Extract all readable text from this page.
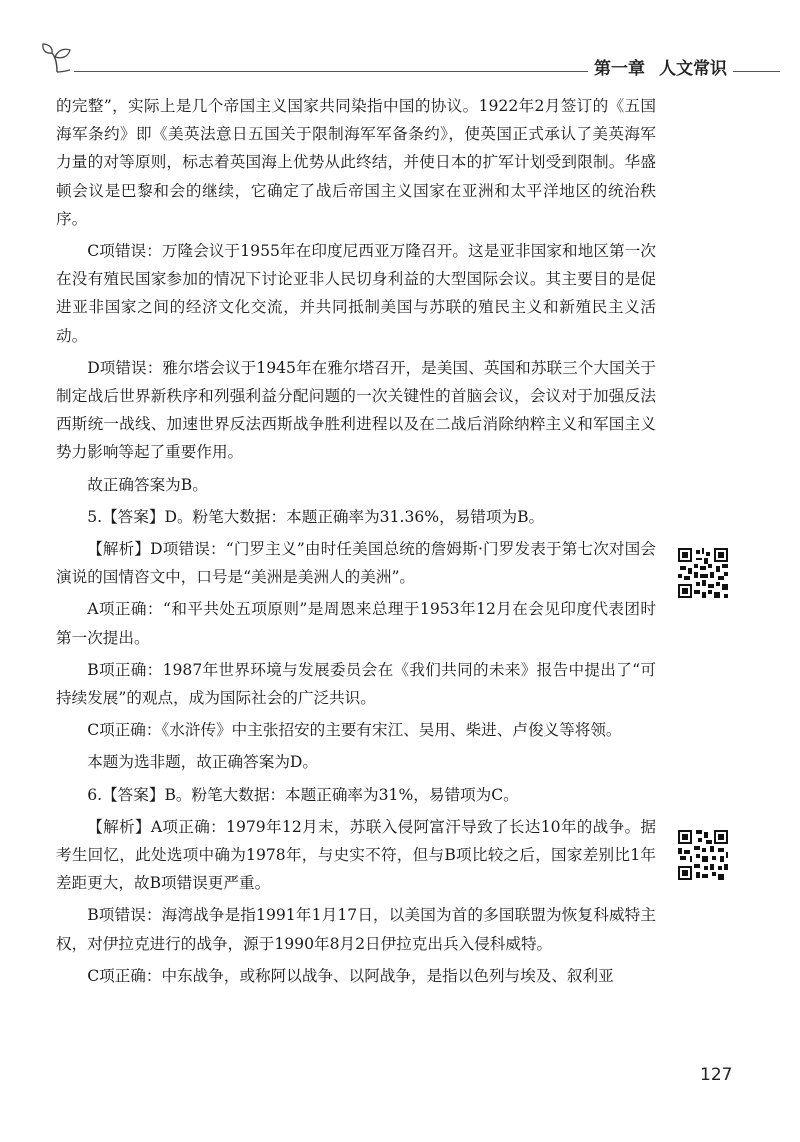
第一章 人文常识

的完整”，实际上是几个帝国主义国家共同染指中国的协议。1922年2月签订的《五国海军条约》即《美英法意日五国关于限制海军军备条约》，使英国正式承认了美英海军力量的对等原则，标志着英国海上优势从此终结，并使日本的扩军计划受到限制。华盛顿会议是巴黎和会的继续，它确定了战后帝国主义国家在亚洲和太平洋地区的统治秩序。

C项错误：万隆会议于1955年在印度尼西亚万隆召开。这是亚非国家和地区第一次在没有殖民国家参加的情况下讨论亚非人民切身利益的大型国际会议。其主要目的是促进亚非国家之间的经济文化交流，并共同抵制美国与苏联的殖民主义和新殖民主义活动。

D项错误：雅尔塔会议于1945年在雅尔塔召开，是美国、英国和苏联三个大国关于制定战后世界新秩序和列强利益分配问题的一次关键性的首脑会议，会议对于加强反法西斯统一战线、加速世界反法西斯战争胜利进程以及在二战后消除纳粹主义和军国主义势力影响等起了重要作用。

故正确答案为B。

5.【答案】D。粉笔大数据：本题正确率为31.36%，易错项为B。

【解析】D项错误：“门罗主义”由时任美国总统的詹姆斯·门罗发表于第七次对国会演说的国情咨文中，口号是“美洲是美洲人的美洲”。

A项正确：“和平共处五项原则”是周恩来总理于1953年12月在会见印度代表团时第一次提出。

B项正确：1987年世界环境与发展委员会在《我们共同的未来》报告中提出了“可持续发展”的观点，成为国际社会的广泛共识。

C项正确：《水浒传》中主张招安的主要有宋江、吴用、柴进、卢俊义等将领。

本题为选非题，故正确答案为D。

6.【答案】B。粉笔大数据：本题正确率为31%，易错项为C。

【解析】A项正确：1979年12月末，苏联入侵阿富汗导致了长达10年的战争。据考生回忆，此处选项中确为1978年，与史实不符，但与B项比较之后，国家差别比1年差距更大，故B项错误更严重。

B项错误：海湾战争是指1991年1月17日，以美国为首的多国联盟为恢复科威特主权，对伊拉克进行的战争，源于1990年8月2日伊拉克出兵入侵科威特。

C项正确：中东战争，或称阿以战争、以阿战争，是指以色列与埃及、叙利亚

127
